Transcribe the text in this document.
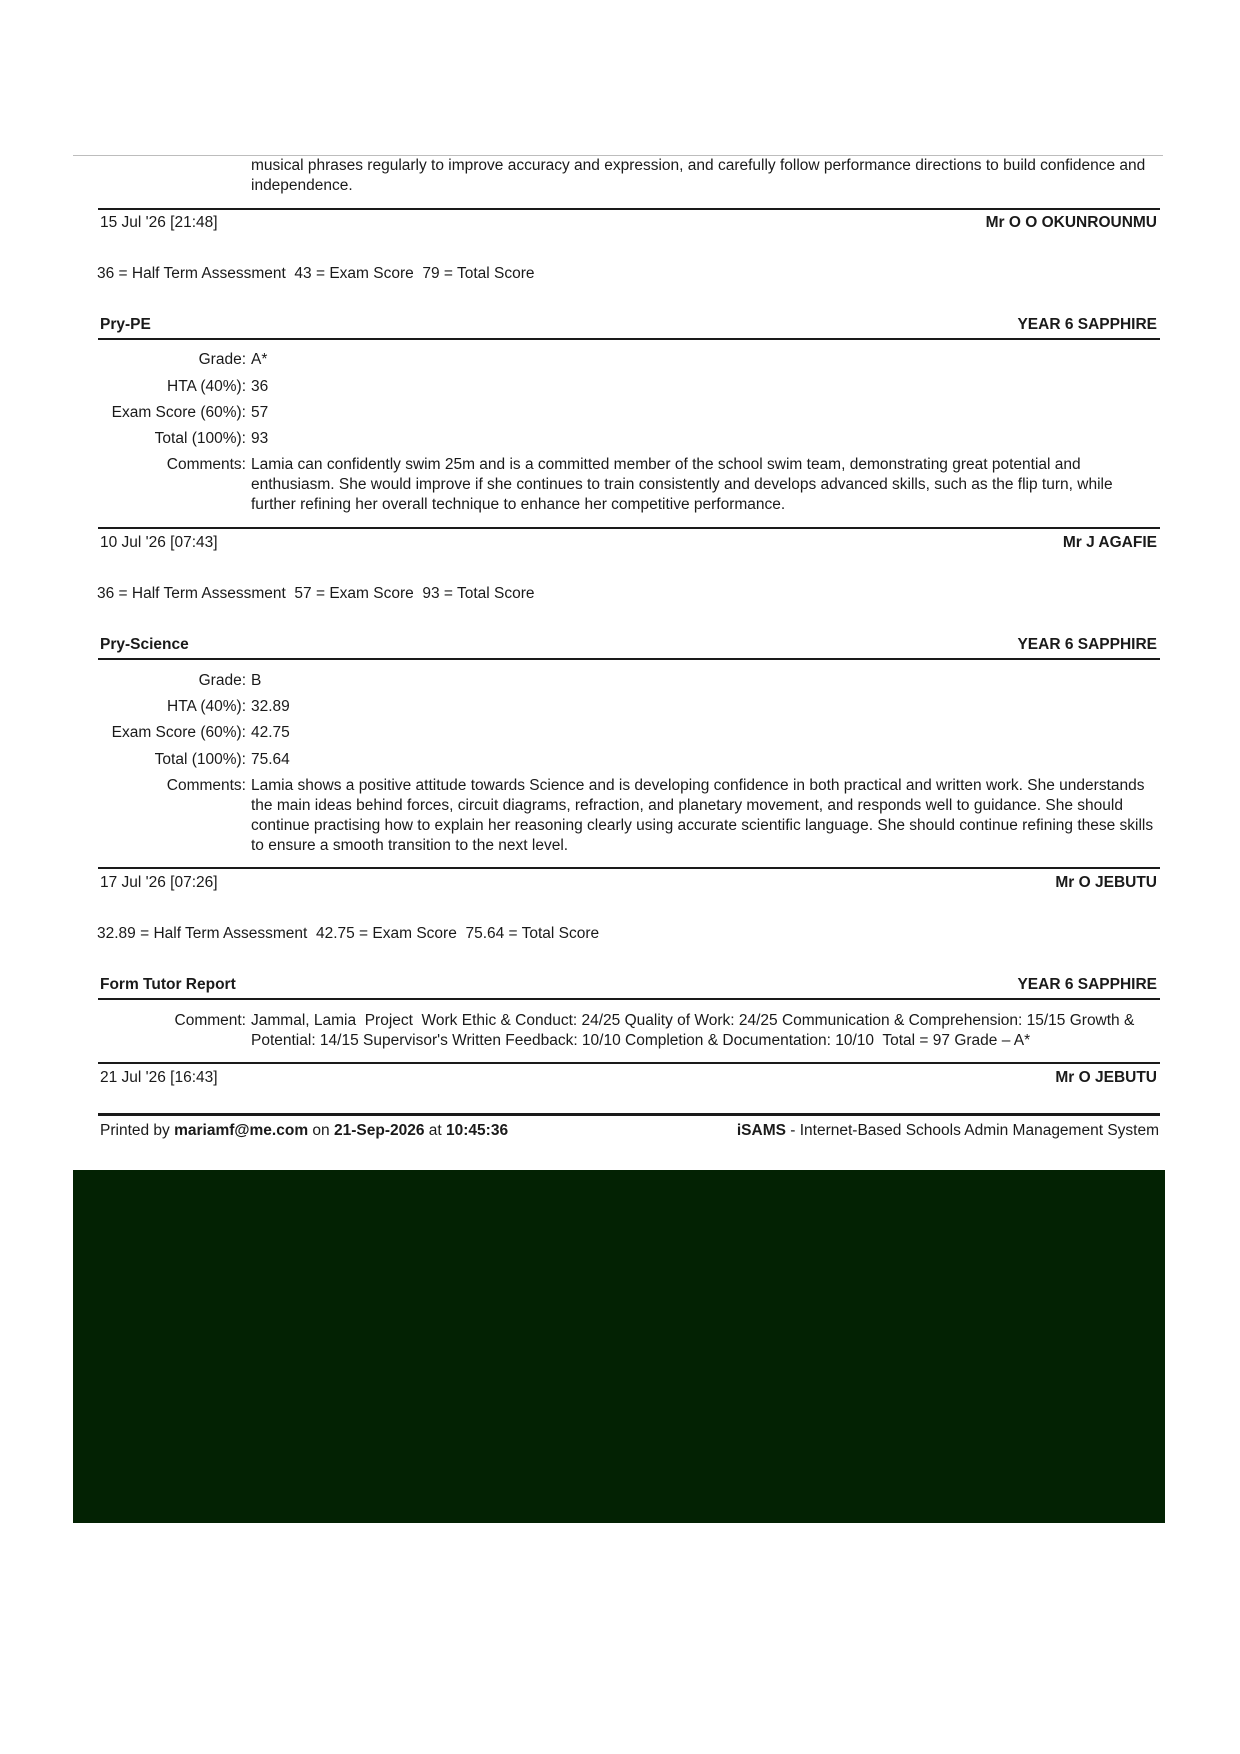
musical phrases regularly to improve accuracy and expression, and carefully follow performance directions to build confidence and independence.
15 Jul '26 [21:48]	Mr O O OKUNROUNMU
36 = Half Term Assessment  43 = Exam Score  79 = Total Score
Pry-PE	YEAR 6 SAPPHIRE
Grade: A*
HTA (40%): 36
Exam Score (60%): 57
Total (100%): 93
Comments: Lamia can confidently swim 25m and is a committed member of the school swim team, demonstrating great potential and enthusiasm. She would improve if she continues to train consistently and develops advanced skills, such as the flip turn, while further refining her overall technique to enhance her competitive performance.
10 Jul '26 [07:43]	Mr J AGAFIE
36 = Half Term Assessment  57 = Exam Score  93 = Total Score
Pry-Science	YEAR 6 SAPPHIRE
Grade: B
HTA (40%): 32.89
Exam Score (60%): 42.75
Total (100%): 75.64
Comments: Lamia shows a positive attitude towards Science and is developing confidence in both practical and written work. She understands the main ideas behind forces, circuit diagrams, refraction, and planetary movement, and responds well to guidance. She should continue practising how to explain her reasoning clearly using accurate scientific language. She should continue refining these skills to ensure a smooth transition to the next level.
17 Jul '26 [07:26]	Mr O JEBUTU
32.89 = Half Term Assessment  42.75 = Exam Score  75.64 = Total Score
Form Tutor Report	YEAR 6 SAPPHIRE
Comment: Jammal, Lamia  Project  Work Ethic & Conduct: 24/25 Quality of Work: 24/25 Communication & Comprehension: 15/15 Growth & Potential: 14/15 Supervisor's Written Feedback: 10/10 Completion & Documentation: 10/10  Total = 97 Grade – A*
21 Jul '26 [16:43]	Mr O JEBUTU
Printed by mariamf@me.com on 21-Sep-2026 at 10:45:36	iSAMS - Internet-Based Schools Admin Management System
